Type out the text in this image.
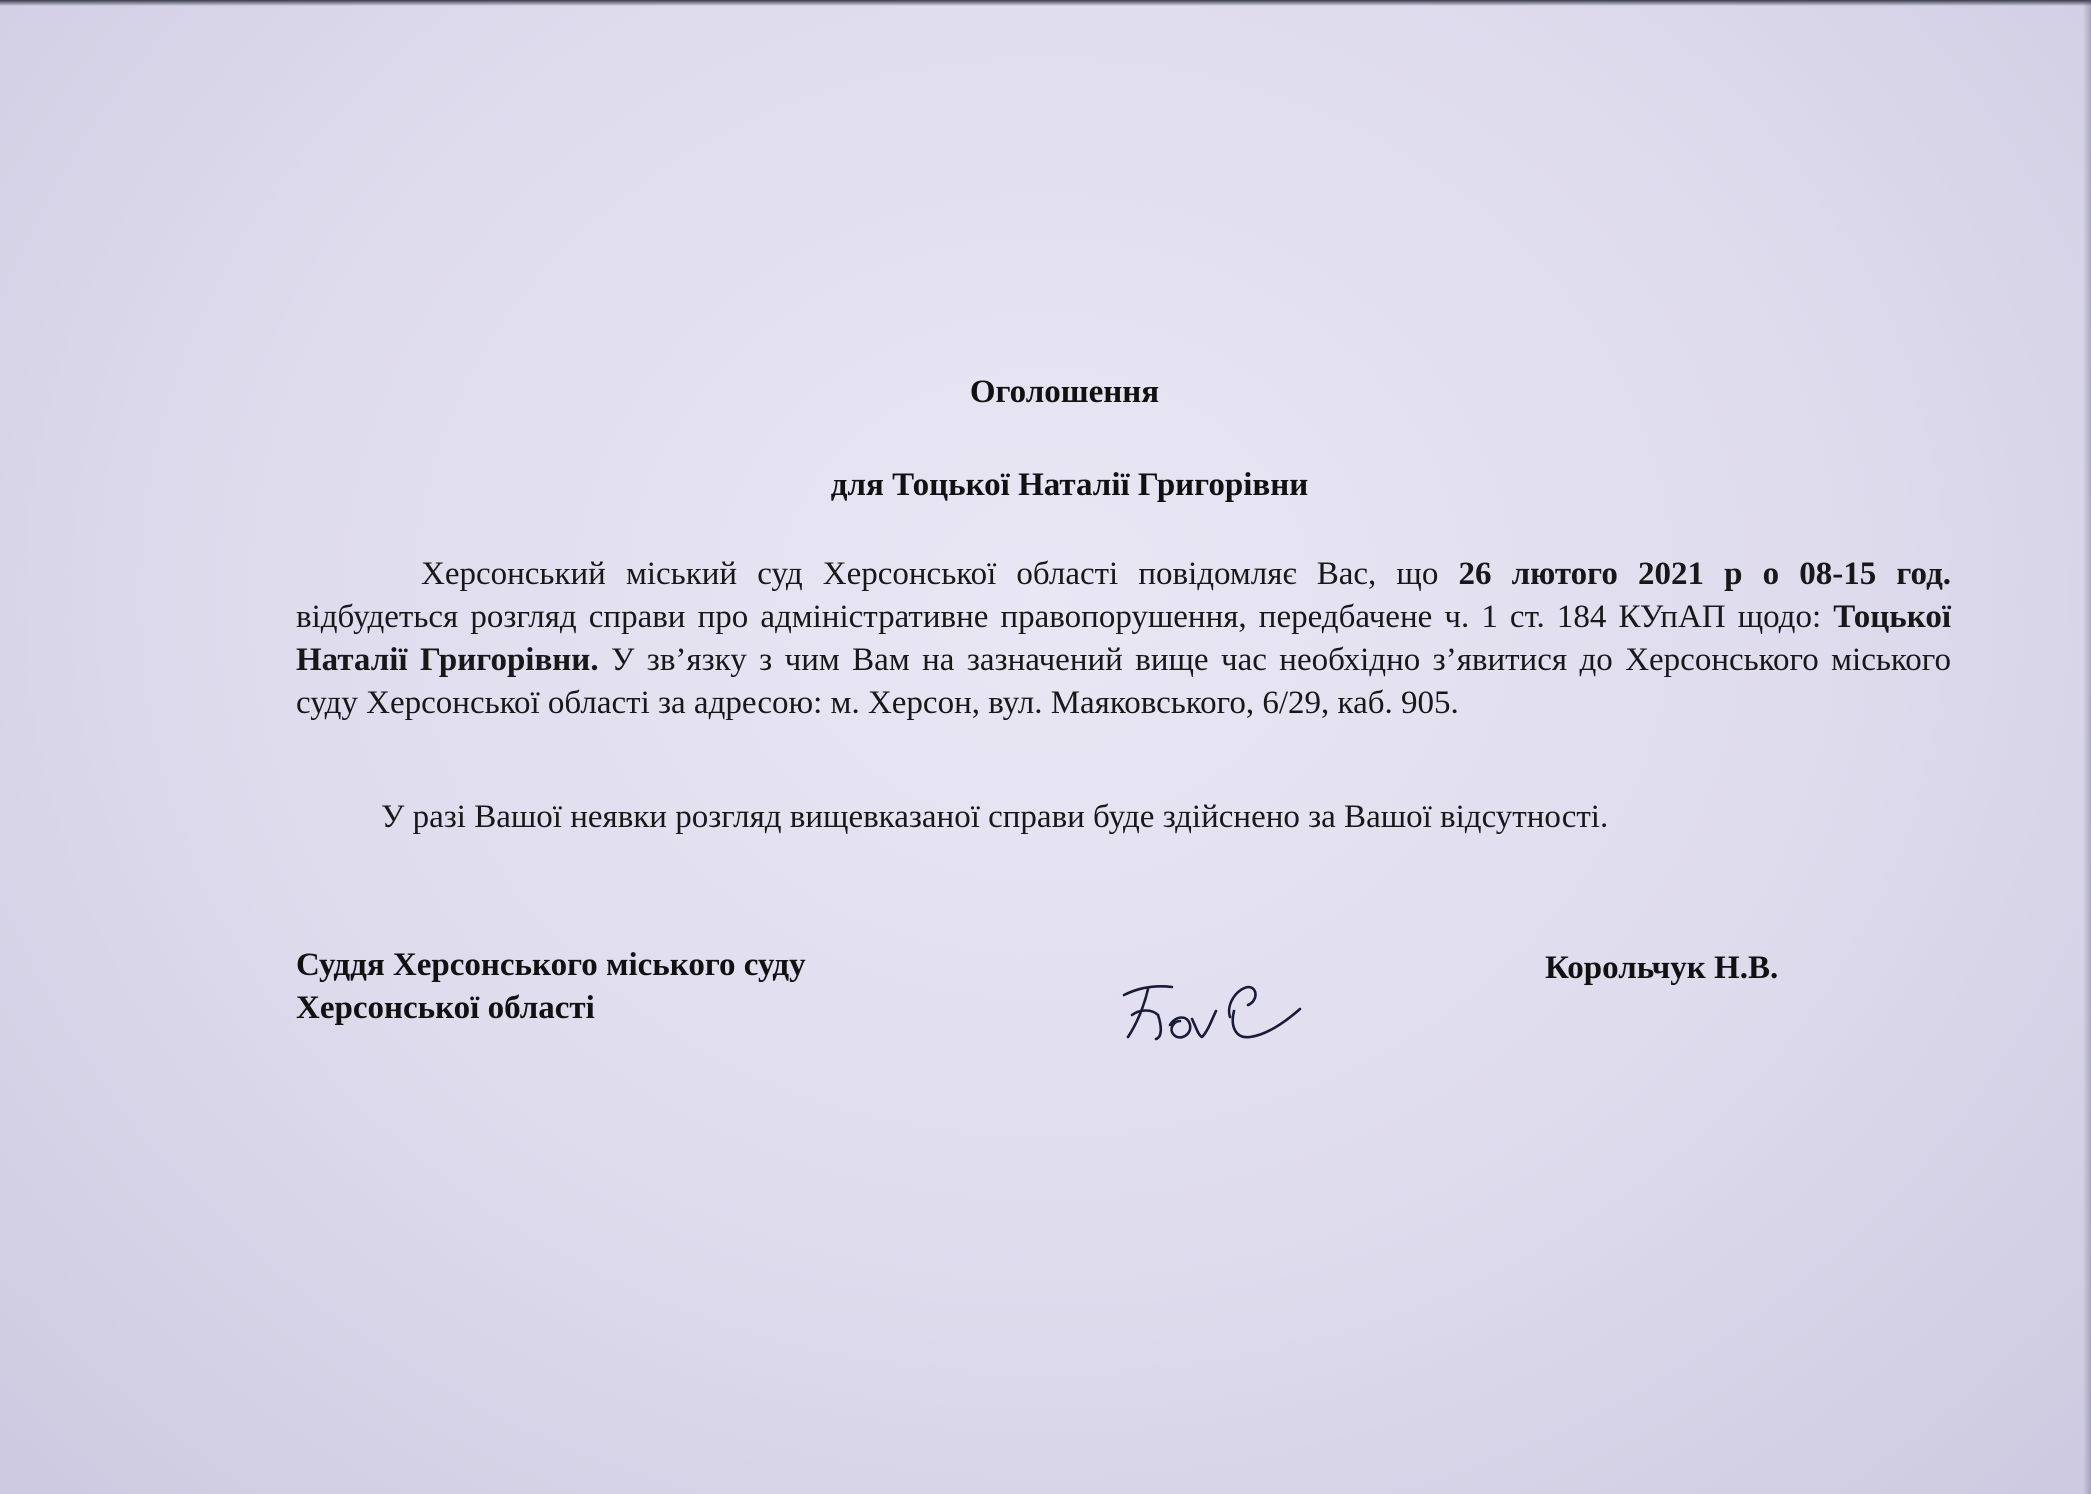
Оголошення
для Тоцької Наталії Григорівни

Херсонський міський суд Херсонської області повідомляє Вас, що 26 лютого 2021 р о 08-15 год. відбудеться розгляд справи про адміністративне правопорушення, передбачене ч. 1 ст. 184 КУпАП щодо: Тоцької Наталії Григорівни. У зв’язку з чим Вам на зазначений вище час необхідно з’явитися до Херсонського міського суду Херсонської області за адресою: м. Херсон, вул. Маяковського, 6/29, каб. 905.

У разі Вашої неявки розгляд вищевказаної справи буде здійснено за Вашої відсутності.

Суддя Херсонського міського суду
Херсонської області
Корольчук Н.В.
